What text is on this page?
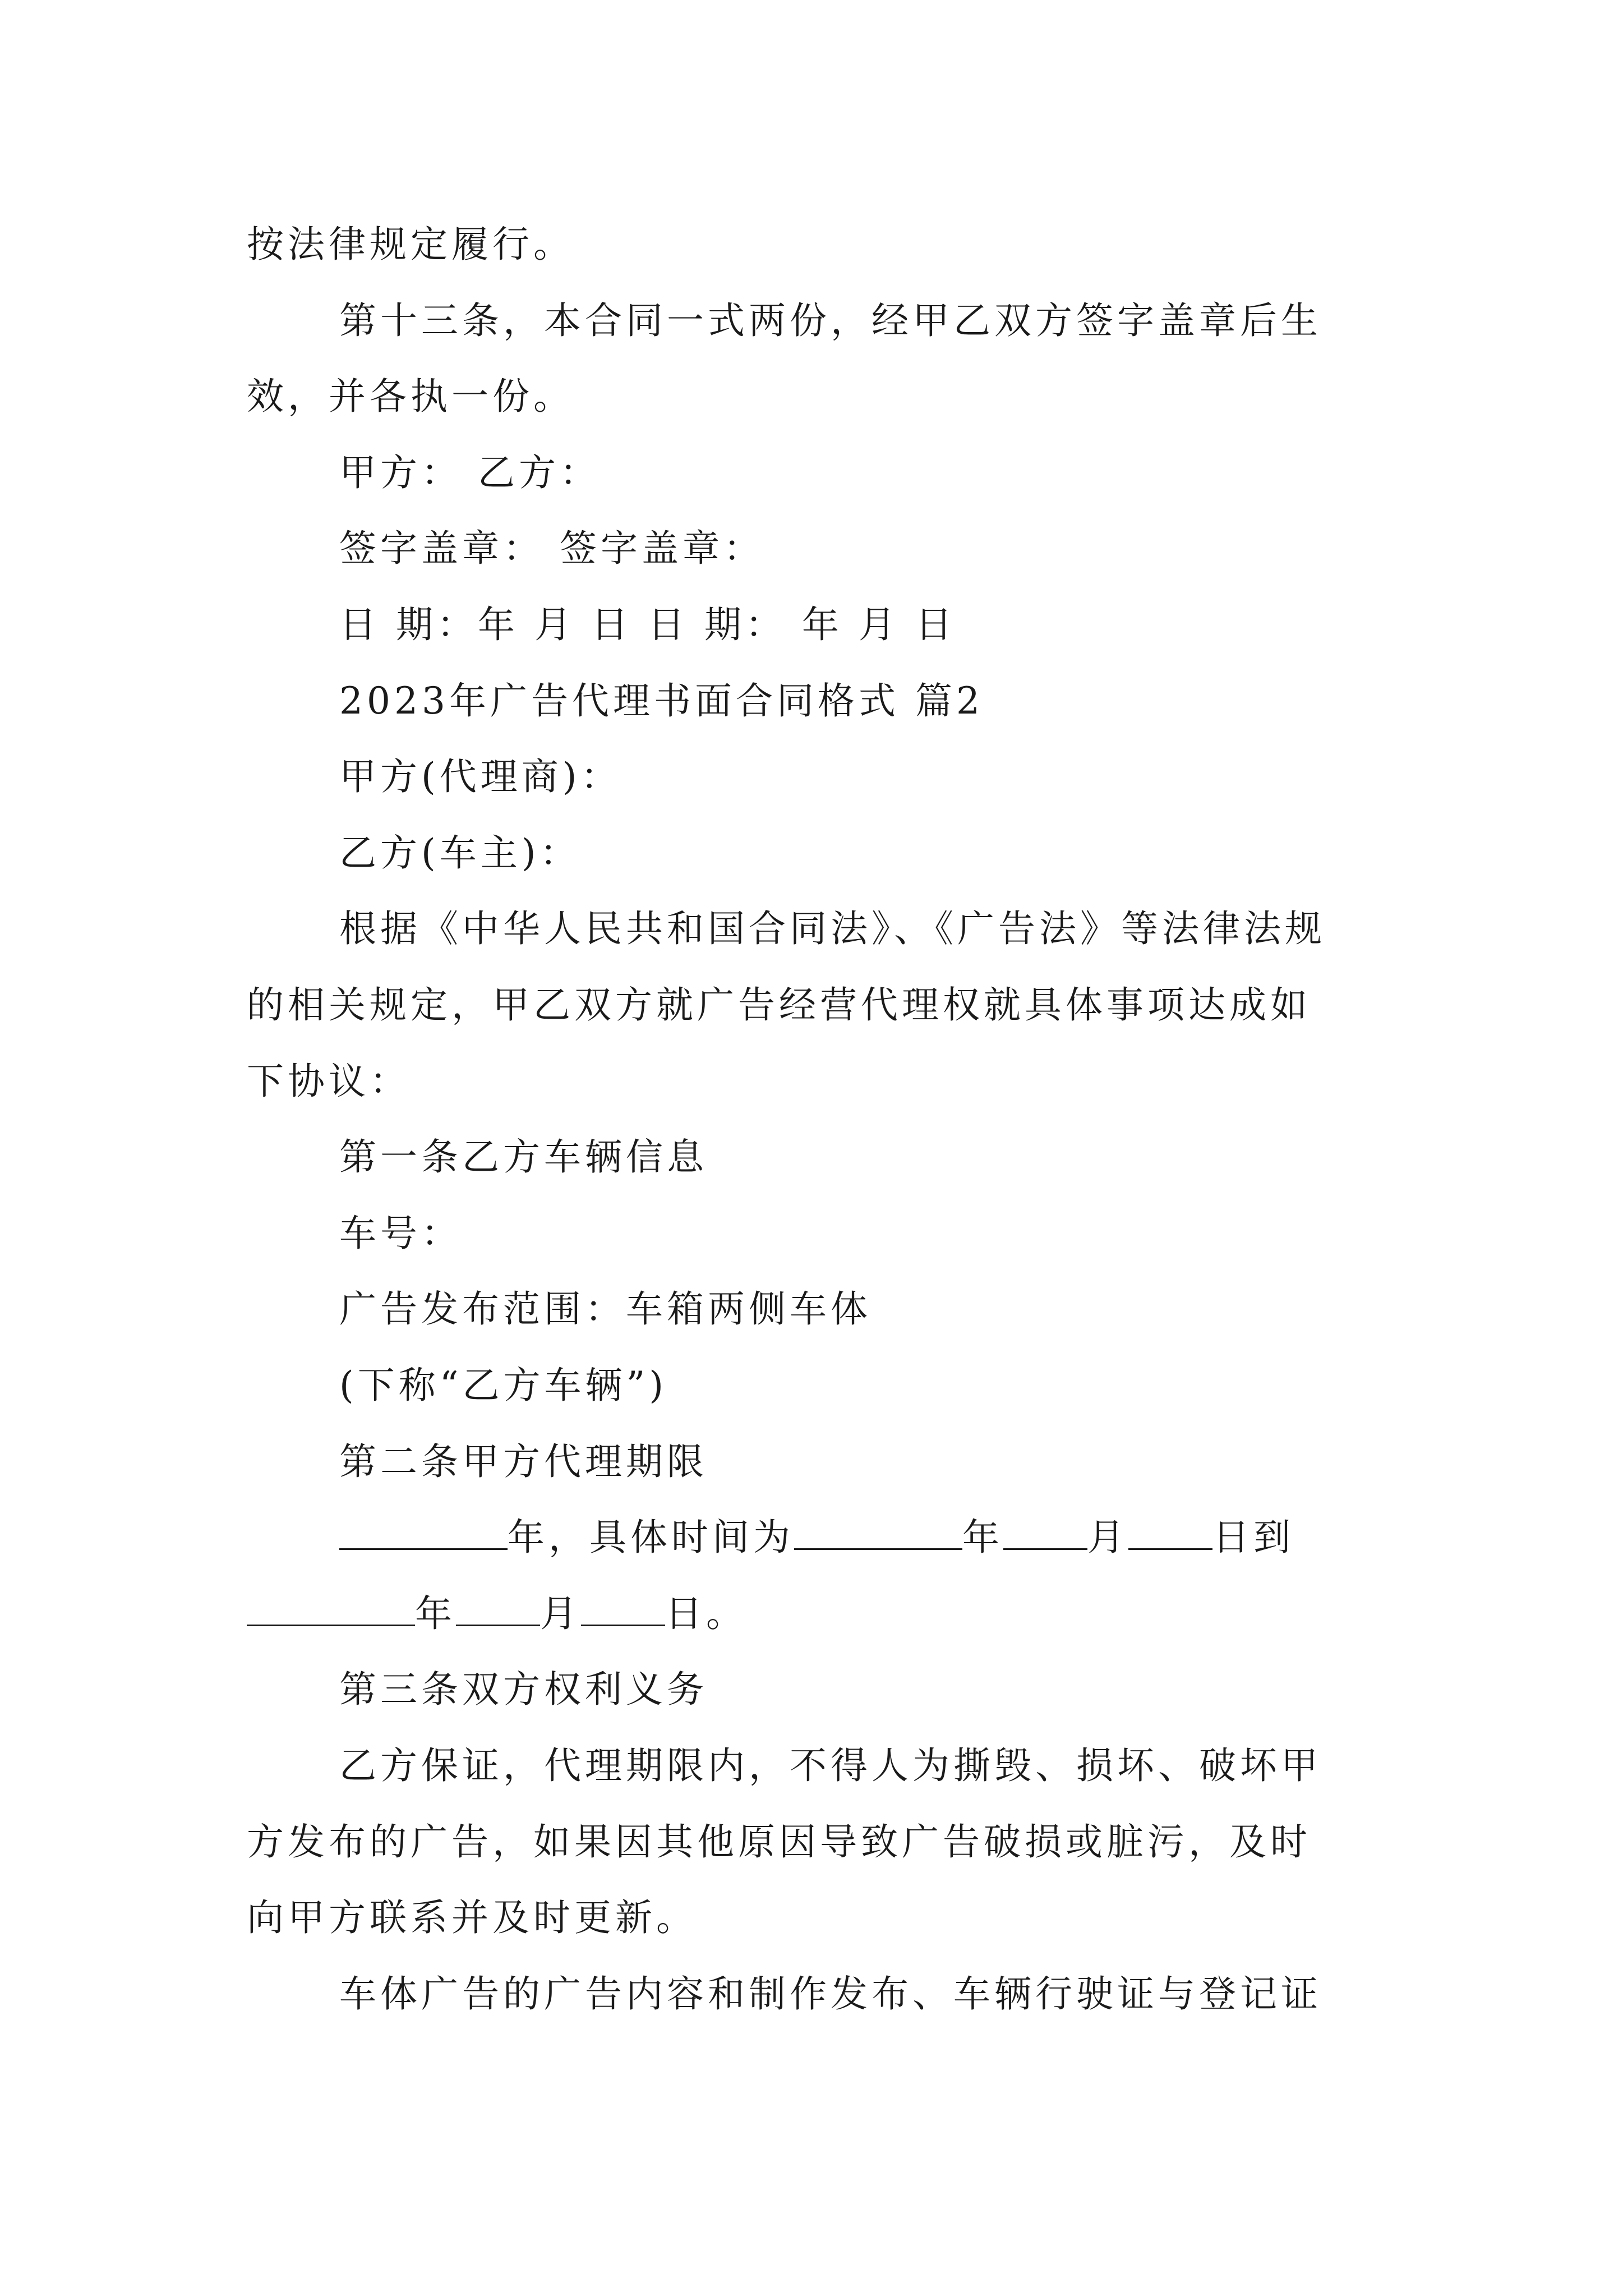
按法律规定履行。
第十三条，本合同一式两份，经甲乙双方签字盖章后生
效，并各执一份。
甲方： 乙方：
签字盖章： 签字盖章：
日 期：年 月 日 日 期： 年 月 日
2023年广告代理书面合同格式 篇2
甲方(代理商)：
乙方(车主)：
根据《中华人民共和国合同法》、《广告法》等法律法规
的相关规定，甲乙双方就广告经营代理权就具体事项达成如
下协议：
第一条乙方车辆信息
车号：
广告发布范围：车箱两侧车体
(下称“乙方车辆”)
第二条甲方代理期限
年，具体时间为	年 月 日到
年 月 日。
第三条双方权利义务
乙方保证，代理期限内，不得人为撕毁、损坏、破坏甲
方发布的广告，如果因其他原因导致广告破损或脏污，及时
向甲方联系并及时更新。
车体广告的广告内容和制作发布、车辆行驶证与登记证
